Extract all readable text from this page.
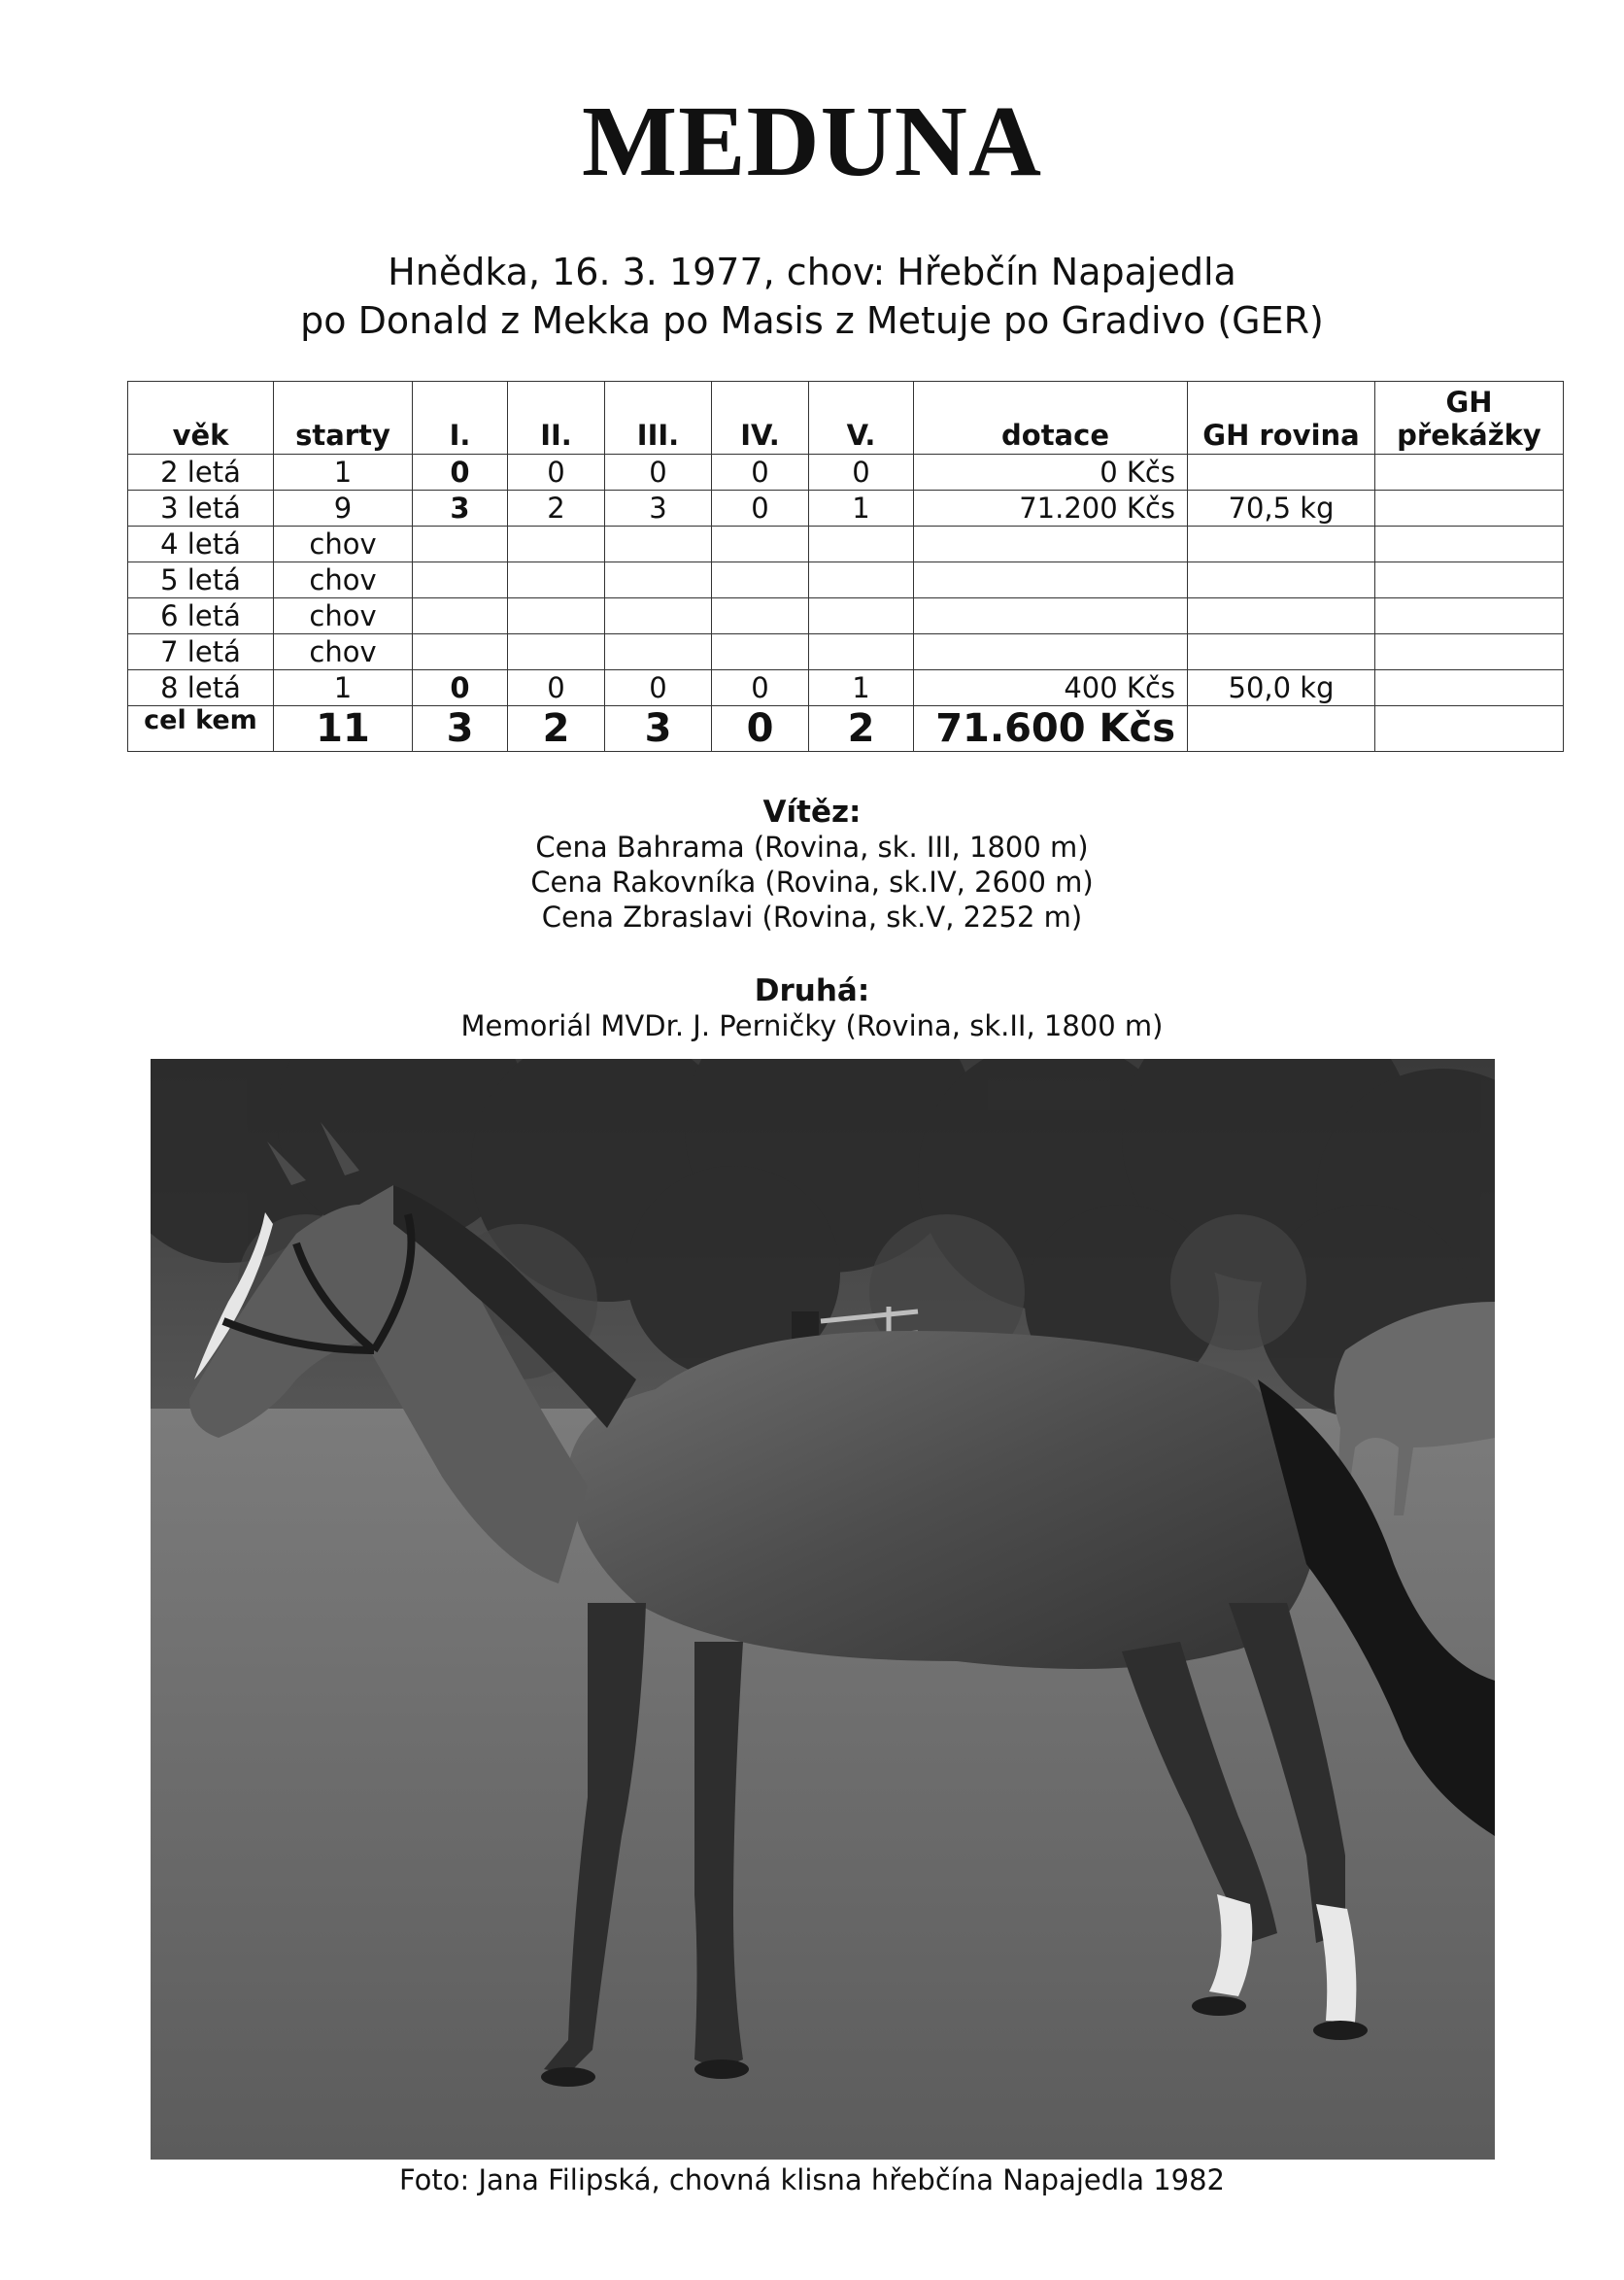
MEDUNA
Hnědka, 16. 3. 1977, chov: Hřebčín Napajedla
po Donald z Mekka po Masis z Metuje po Gradivo (GER)
věk	starty	I.	II.	III.	IV.	V.	dotace	GH rovina	GH překážky
2 letá	1	0	0	0	0	0	0 Kčs		
3 letá	9	3	2	3	0	1	71.200 Kčs	70,5 kg	
4 letá	chov								
5 letá	chov								
6 letá	chov								
7 letá	chov								
8 letá	1	0	0	0	0	1	400 Kčs	50,0 kg	
cel kem	11	3	2	3	0	2	71.600 Kčs		
Vítěz:
Cena Bahrama (Rovina, sk. III, 1800 m)
Cena Rakovníka (Rovina, sk.IV, 2600 m)
Cena Zbraslavi (Rovina, sk.V, 2252 m)
Druhá:
Memoriál MVDr. J. Perničky (Rovina, sk.II, 1800 m)
Foto: Jana Filipská, chovná klisna hřebčína Napajedla 1982
